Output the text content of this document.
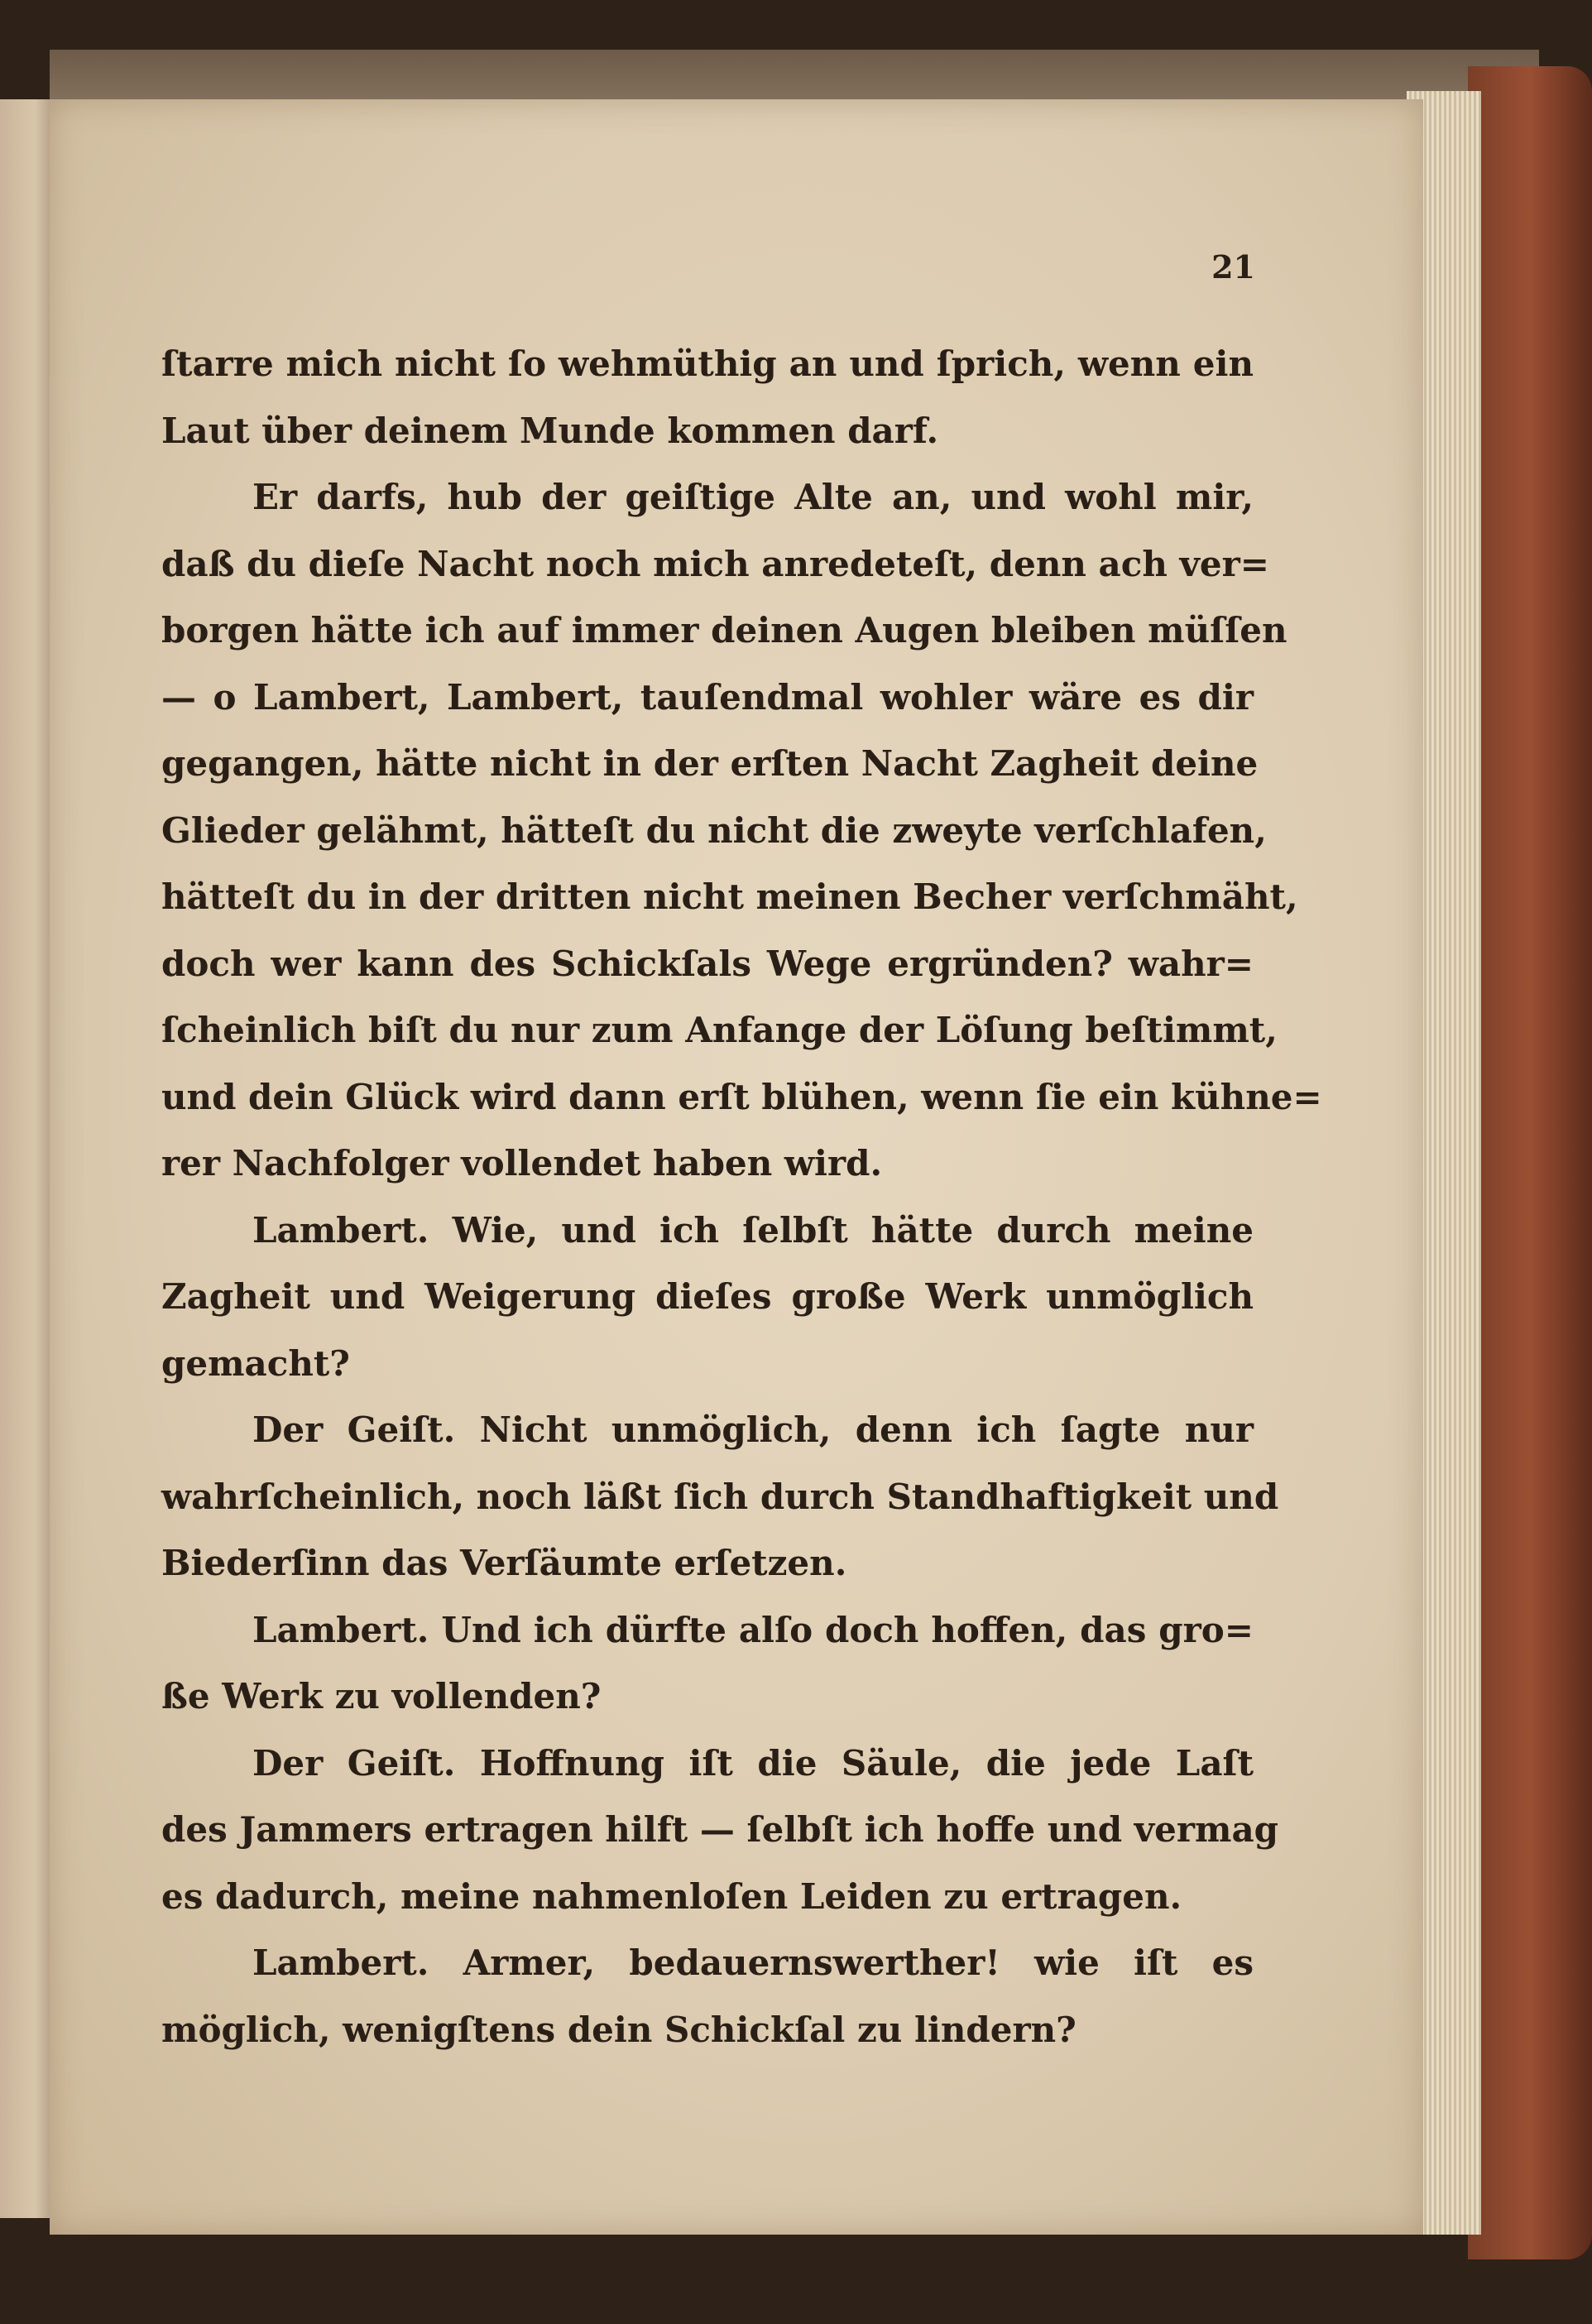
21
ſtarre mich nicht ſo wehmüthig an und ſprich, wenn ein
Laut über deinem Munde kommen darf.
Er darfs, hub der geiſtige Alte an, und wohl mir,
daß du dieſe Nacht noch mich anredeteſt, denn ach ver=
borgen hätte ich auf immer deinen Augen bleiben müſſen
— o Lambert, Lambert, tauſendmal wohler wäre es dir
gegangen, hätte nicht in der erſten Nacht Zagheit deine
Glieder gelähmt, hätteſt du nicht die zweyte verſchlafen,
hätteſt du in der dritten nicht meinen Becher verſchmäht,
doch wer kann des Schickſals Wege ergründen? wahr=
ſcheinlich biſt du nur zum Anfange der Löſung beſtimmt,
und dein Glück wird dann erſt blühen, wenn ſie ein kühne=
rer Nachfolger vollendet haben wird.
Lambert. Wie, und ich ſelbſt hätte durch meine
Zagheit und Weigerung dieſes große Werk unmöglich
gemacht?
Der Geiſt. Nicht unmöglich, denn ich ſagte nur
wahrſcheinlich, noch läßt ſich durch Standhaftigkeit und
Biederſinn das Verſäumte erſetzen.
Lambert. Und ich dürfte alſo doch hoffen, das gro=
ße Werk zu vollenden?
Der Geiſt. Hoffnung iſt die Säule, die jede Laſt
des Jammers ertragen hilft — ſelbſt ich hoffe und vermag
es dadurch, meine nahmenloſen Leiden zu ertragen.
Lambert. Armer, bedauernswerther! wie iſt es
möglich, wenigſtens dein Schickſal zu lindern?
